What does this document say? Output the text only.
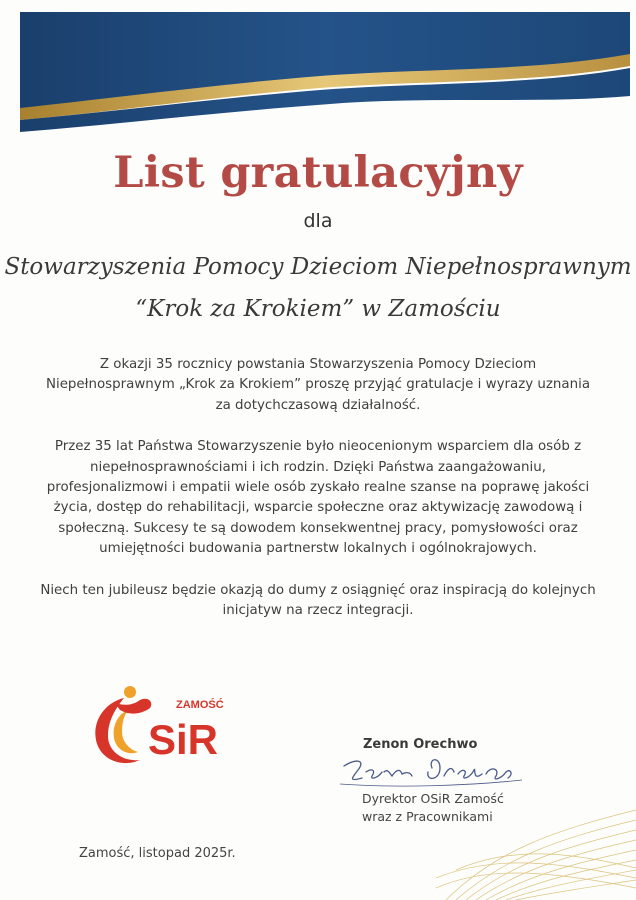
List gratulacyjny
dla
Stowarzyszenia Pomocy Dzieciom Niepełnosprawnym
“Krok za Krokiem” w Zamościu

Z okazji 35 rocznicy powstania Stowarzyszenia Pomocy Dzieciom Niepełnosprawnym „Krok za Krokiem” proszę przyjąć gratulacje i wyrazy uznania za dotychczasową działalność.

Przez 35 lat Państwa Stowarzyszenie było nieocenionym wsparciem dla osób z niepełnosprawnościami i ich rodzin. Dzięki Państwa zaangażowaniu, profesjonalizmowi i empatii wiele osób zyskało realne szanse na poprawę jakości życia, dostęp do rehabilitacji, wsparcie społeczne oraz aktywizację zawodową i społeczną. Sukcesy te są dowodem konsekwentnej pracy, pomysłowości oraz umiejętności budowania partnerstw lokalnych i ogólnokrajowych.

Niech ten jubileusz będzie okazją do dumy z osiągnięć oraz inspiracją do kolejnych inicjatyw na rzecz integracji.

ZAMOŚĆ
SiR	Zenon Orechwo
Dyrektor OSiR Zamość
wraz z Pracownikami
Zamość, listopad 2025r.
